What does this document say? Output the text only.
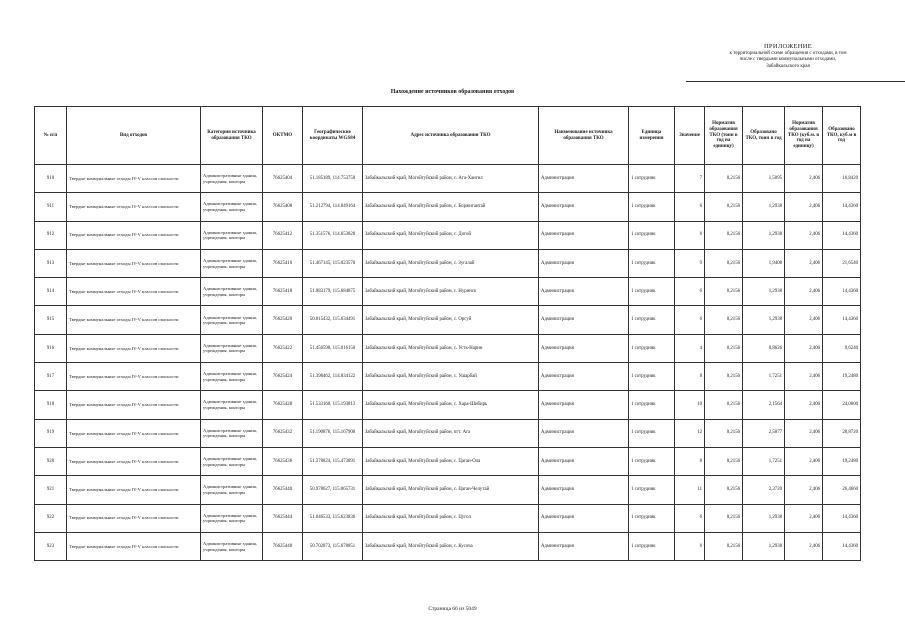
ПРИЛОЖЕНИЕ
к территориальной схеме обращения с отходами, в том
числе с твердыми коммунальными отходами,
Забайкальского края
Нахождение источников образования отходов
№ п/п	Вид отходов	Категория источника образования ТКО	ОКТМО	Географические координаты WGS84	Адрес источника образования ТКО	Наименование источника образования ТКО	Единица измерения	Значение	Норматив образования ТКО (тонн в год на единицу)	Образовано ТКО, тонн в год	Норматив образования ТКО (куб.м. в год на единицу)	Образовано ТКО, куб.м в год
910	Твердые коммунальные отходы IV-V классов опасности	Административные здания, учреждения, конторы	76625404	51.185189, 114.753750	Забайкальский край, Могойтуйский район, с. Ага-Хангил	Администрация	1 сотрудник	7	0,2156	1,5095	2,406	16,8420
911	Твердые коммунальные отходы IV-V классов опасности	Административные здания, учреждения, конторы	76625408	51.212794, 114.849164	Забайкальский край, Могойтуйский район, с. Боржигантай	Администрация	1 сотрудник	6	0,2156	1,2938	2,406	14,4360
912	Твердые коммунальные отходы IV-V классов опасности	Административные здания, учреждения, конторы	76625412	51.351576, 114.653828	Забайкальский край, Могойтуйский район, с. Догой	Администрация	1 сотрудник	6	0,2156	1,2938	2,406	14,4360
913	Твердые коммунальные отходы IV-V классов опасности	Административные здания, учреждения, конторы	76625416	51.467145, 115.023570	Забайкальский край, Могойтуйский район, с. Зугалай	Администрация	1 сотрудник	9	0,2156	1,9408	2,406	21,6540
914	Твердые коммунальные отходы IV-V классов опасности	Административные здания, учреждения, конторы	76625418	51.083179, 115.684875	Забайкальский край, Могойтуйский район, с. Нуринск	Администрация	1 сотрудник	6	0,2156	1,2938	2,406	14,4360
915	Твердые коммунальные отходы IV-V классов опасности	Административные здания, учреждения, конторы	76625420	50.815432, 115.634491	Забайкальский край, Могойтуйский район, с. Орсуй	Администрация	1 сотрудник	6	0,2156	1,2938	2,406	14,4360
916	Твердые коммунальные отходы IV-V классов опасности	Административные здания, учреждения, конторы	76625422	51.456598, 115.016150	Забайкальский край, Могойтуйский район, с. Усть-Нарин	Администрация	1 сотрудник	4	0,2156	0,8626	2,406	9,6240
917	Твердые коммунальные отходы IV-V классов опасности	Административные здания, учреждения, конторы	76625424	51.398462, 114.834122	Забайкальский край, Могойтуйский район, с. Ушарбай	Администрация	1 сотрудник	8	0,2156	1,7251	2,406	19,2480
918	Твердые коммунальные отходы IV-V классов опасности	Административные здания, учреждения, конторы	76625428	51.533160, 115.193813	Забайкальский край, Могойтуйский район, с. Хара-Шибирь	Администрация	1 сотрудник	10	0,2156	2,1564	2,406	24,0600
919	Твердые коммунальные отходы IV-V классов опасности	Административные здания, учреждения, конторы	76625432	51.190876, 115.167900	Забайкальский край, Могойтуйский район, пгт. Ага	Администрация	1 сотрудник	12	0,2156	2,5877	2,406	28,8720
920	Твердые коммунальные отходы IV-V классов опасности	Административные здания, учреждения, конторы	76625436	51.378824, 115.473891	Забайкальский край, Могойтуйский район, с. Цаган-Ола	Администрация	1 сотрудник	8	0,2156	1,7251	2,406	19,2480
921	Твердые коммунальные отходы IV-V классов опасности	Административные здания, учреждения, конторы	76625440	50.978627, 115.065731	Забайкальский край, Могойтуйский район, с. Цаган-Челутай	Администрация	1 сотрудник	11	0,2156	2,3720	2,406	26,4660
922	Твердые коммунальные отходы IV-V классов опасности	Административные здания, учреждения, конторы	76625444	51.046533, 115.623836	Забайкальский край, Могойтуйский район, с. Цугол	Администрация	1 сотрудник	6	0,2156	1,2938	2,406	14,4360
923	Твердые коммунальные отходы IV-V классов опасности	Административные здания, учреждения, конторы	76625448	50.702873, 115.678851	Забайкальский край, Могойтуйский район, с. Кусоча	Администрация	1 сотрудник	6	0,2156	1,2938	2,406	14,4360
Страница 66 из 5049
